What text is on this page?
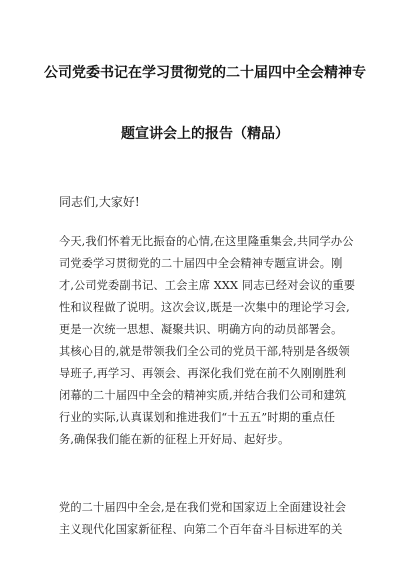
公司党委书记在学习贯彻党的二十届四中全会精神专
题宣讲会上的报告（精品）
同志们,大家好!
今天,我们怀着无比振奋的心情,在这里隆重集会,共同学办公
司党委学习贯彻党的二十届四中全会精神专题宣讲会。刚
才,公司党委副书记、工会主席 XXX 同志已经对会议的重要
性和议程做了说明。这次会议,既是一次集中的理论学习会,
更是一次统一思想、凝聚共识、明确方向的动员部署会。
其核心目的,就是带领我们全公司的党员干部,特别是各级领
导班子,再学习、再领会、再深化我们党在前不久刚刚胜利
闭幕的二十届四中全会的精神实质,并结合我们公司和建筑
行业的实际,认真谋划和推进我们“十五五”时期的重点任
务,确保我们能在新的征程上开好局、起好步。
党的二十届四中全会,是在我们党和国家迈上全面建设社会
主义现代化国家新征程、向第二个百年奋斗目标进军的关
